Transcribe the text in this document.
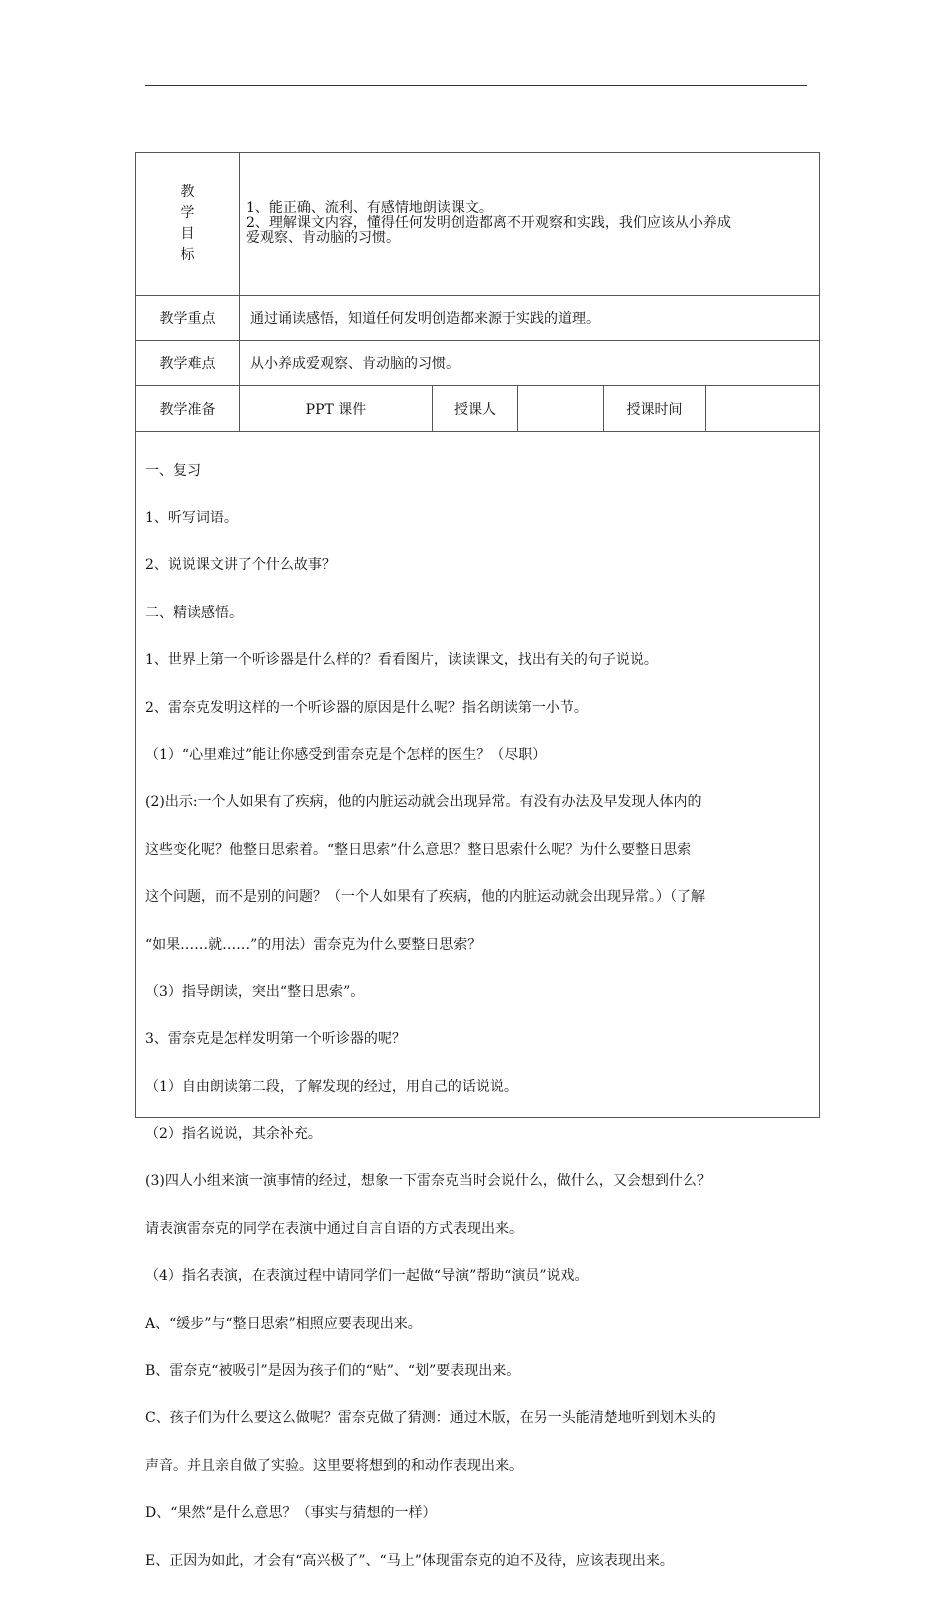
教
学
目
标
1、能正确、流利、有感情地朗读课文。
2、理解课文内容，懂得任何发明创造都离不开观察和实践，我们应该从小养成
爱观察、肯动脑的习惯。
教学重点	通过诵读感悟，知道任何发明创造都来源于实践的道理。
教学难点	从小养成爱观察、肯动脑的习惯。
教学准备	PPT 课件	授课人	授课时间

一、复习

1、听写词语。

2、说说课文讲了个什么故事？

二、精读感悟。

1、世界上第一个听诊器是什么样的？看看图片，读读课文，找出有关的句子说说。

2、雷奈克发明这样的一个听诊器的原因是什么呢？指名朗读第一小节。

（1）“心里难过”能让你感受到雷奈克是个怎样的医生？（尽职）

(2)出示:一个人如果有了疾病，他的内脏运动就会出现异常。有没有办法及早发现人体内的

这些变化呢？他整日思索着。“整日思索”什么意思？整日思索什么呢？为什么要整日思索

这个问题，而不是别的问题？（一个人如果有了疾病，他的内脏运动就会出现异常。）（了解

“如果……就……”的用法）雷奈克为什么要整日思索？

（3）指导朗读，突出“整日思索”。

3、雷奈克是怎样发明第一个听诊器的呢？

（1）自由朗读第二段，了解发现的经过，用自己的话说说。

（2）指名说说，其余补充。

(3)四人小组来演一演事情的经过，想象一下雷奈克当时会说什么，做什么，又会想到什么？

请表演雷奈克的同学在表演中通过自言自语的方式表现出来。

（4）指名表演，在表演过程中请同学们一起做“导演”帮助“演员”说戏。

A、“缓步”与“整日思索”相照应要表现出来。

B、雷奈克“被吸引”是因为孩子们的“贴”、“划”要表现出来。

C、孩子们为什么要这么做呢？雷奈克做了猜测：通过木版，在另一头能清楚地听到划木头的

声音。并且亲自做了实验。这里要将想到的和动作表现出来。

D、“果然”是什么意思？（事实与猜想的一样）

E、正因为如此，才会有“高兴极了”、“马上”体现雷奈克的迫不及待，应该表现出来。
